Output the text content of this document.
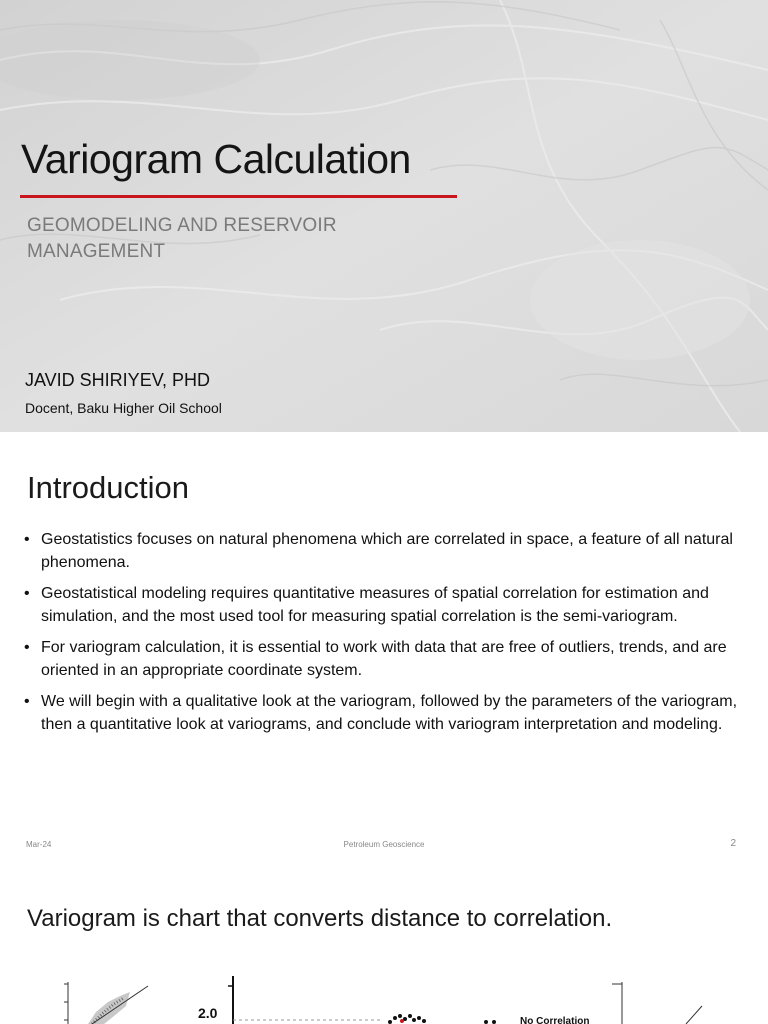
Variogram Calculation
GEOMODELING AND RESERVOIR MANAGEMENT
JAVID SHIRIYEV, PHD
Docent, Baku Higher Oil School
Introduction
• Geostatistics focuses on natural phenomena which are correlated in space, a feature of all natural phenomena.
• Geostatistical modeling requires quantitative measures of spatial correlation for estimation and simulation, and the most used tool for measuring spatial correlation is the semi-variogram.
• For variogram calculation, it is essential to work with data that are free of outliers, trends, and are oriented in an appropriate coordinate system.
• We will begin with a qualitative look at the variogram, followed by the parameters of the variogram, then a quantitative look at variograms, and conclude with variogram interpretation and modeling.
Mar-24	Petroleum Geoscience	2
Variogram is chart that converts distance to correlation.
2.0
No Correlation
